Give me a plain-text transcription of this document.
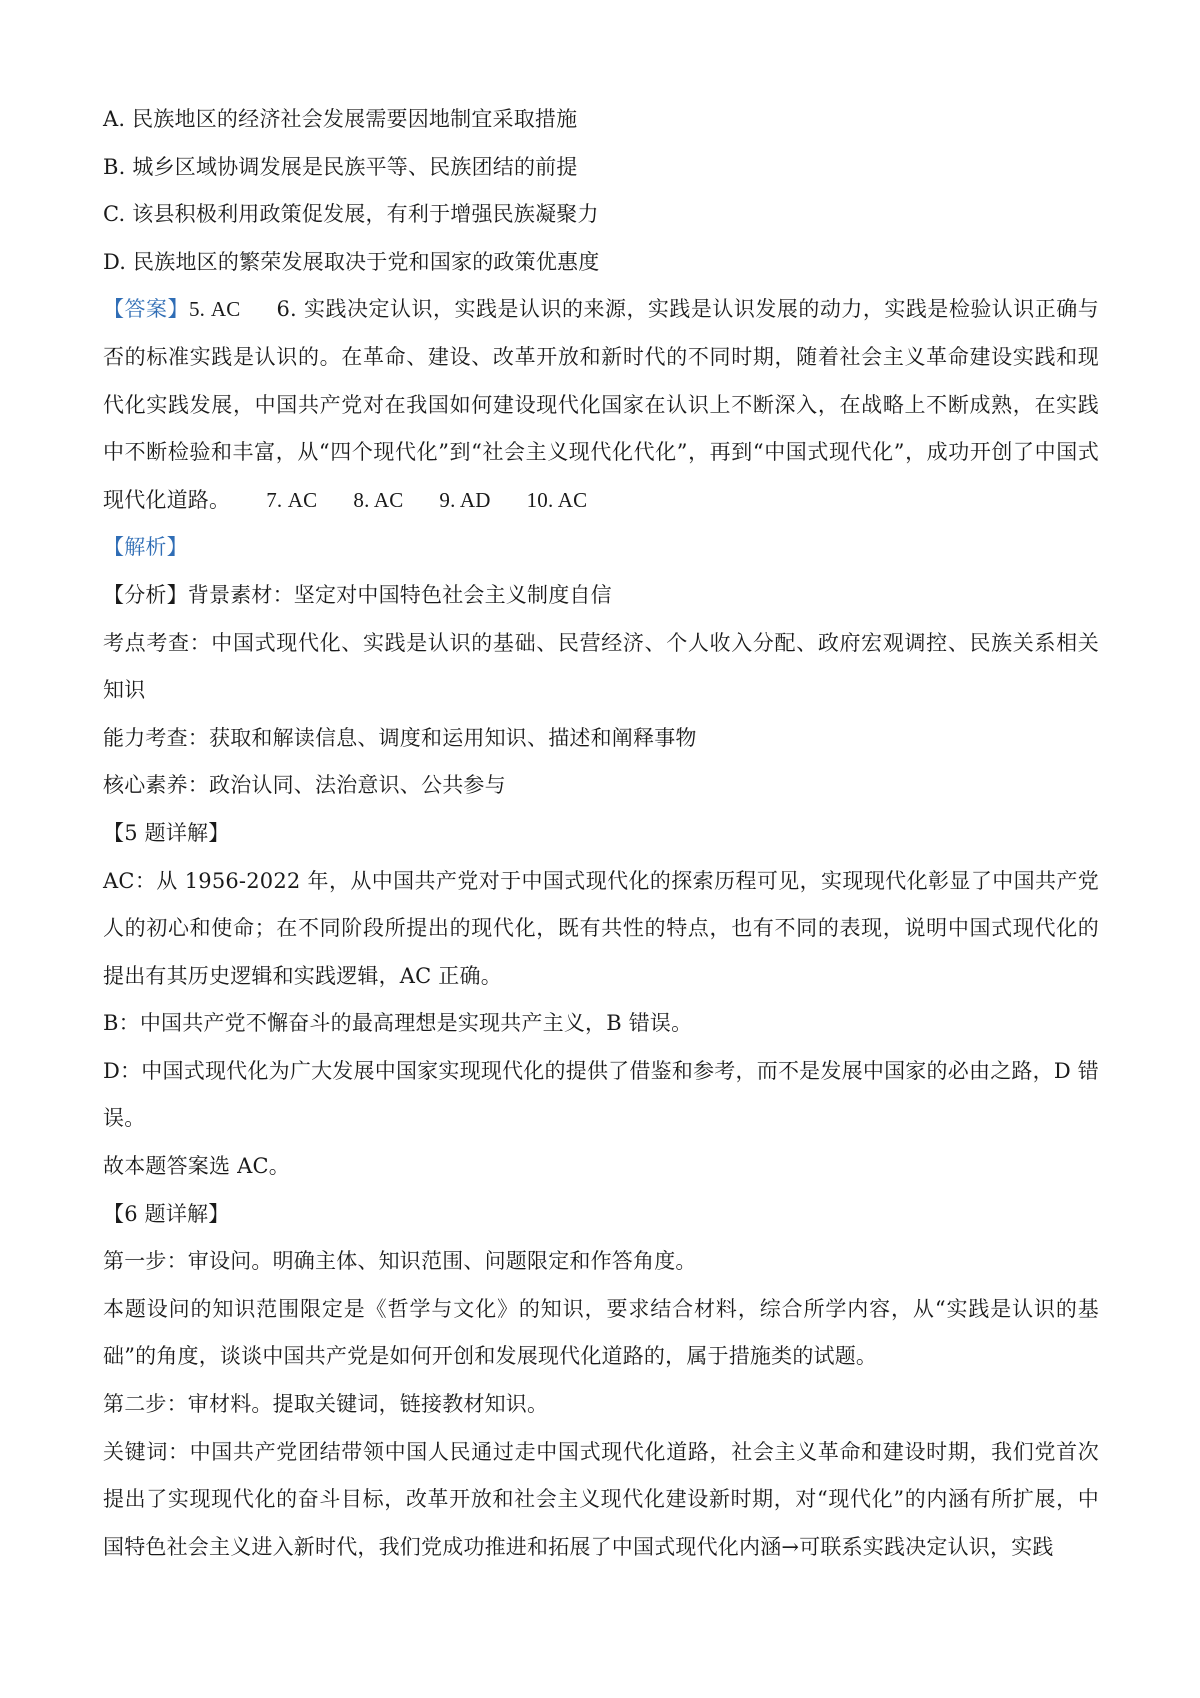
A. 民族地区的经济社会发展需要因地制宜采取措施
B. 城乡区域协调发展是民族平等、民族团结的前提
C. 该县积极利用政策促发展，有利于增强民族凝聚力
D. 民族地区的繁荣发展取决于党和国家的政策优惠度
【答案】5. AC 6. 实践决定认识，实践是认识的来源，实践是认识发展的动力，实践是检验认识正确与否的标准实践是认识的。在革命、建设、改革开放和新时代的不同时期，随着社会主义革命建设实践和现代化实践发展，中国共产党对在我国如何建设现代化国家在认识上不断深入，在战略上不断成熟，在实践中不断检验和丰富，从“四个现代化”到“社会主义现代化代化”，再到“中国式现代化”，成功开创了中国式现代化道路。 7. AC 8. AC 9. AD 10. AC
【解析】
【分析】背景素材：坚定对中国特色社会主义制度自信
考点考查：中国式现代化、实践是认识的基础、民营经济、个人收入分配、政府宏观调控、民族关系相关知识
能力考查：获取和解读信息、调度和运用知识、描述和阐释事物
核心素养：政治认同、法治意识、公共参与
【5 题详解】
AC：从 1956-2022 年，从中国共产党对于中国式现代化的探索历程可见，实现现代化彰显了中国共产党人的初心和使命；在不同阶段所提出的现代化，既有共性的特点，也有不同的表现，说明中国式现代化的提出有其历史逻辑和实践逻辑，AC 正确。
B：中国共产党不懈奋斗的最高理想是实现共产主义，B 错误。
D：中国式现代化为广大发展中国家实现现代化的提供了借鉴和参考，而不是发展中国家的必由之路，D 错误。
故本题答案选 AC。
【6 题详解】
第一步：审设问。明确主体、知识范围、问题限定和作答角度。
本题设问的知识范围限定是《哲学与文化》的知识，要求结合材料，综合所学内容，从“实践是认识的基础”的角度，谈谈中国共产党是如何开创和发展现代化道路的，属于措施类的试题。
第二步：审材料。提取关键词，链接教材知识。
关键词：中国共产党团结带领中国人民通过走中国式现代化道路，社会主义革命和建设时期，我们党首次提出了实现现代化的奋斗目标，改革开放和社会主义现代化建设新时期，对“现代化”的内涵有所扩展，中国特色社会主义进入新时代，我们党成功推进和拓展了中国式现代化内涵→可联系实践决定认识，实践
